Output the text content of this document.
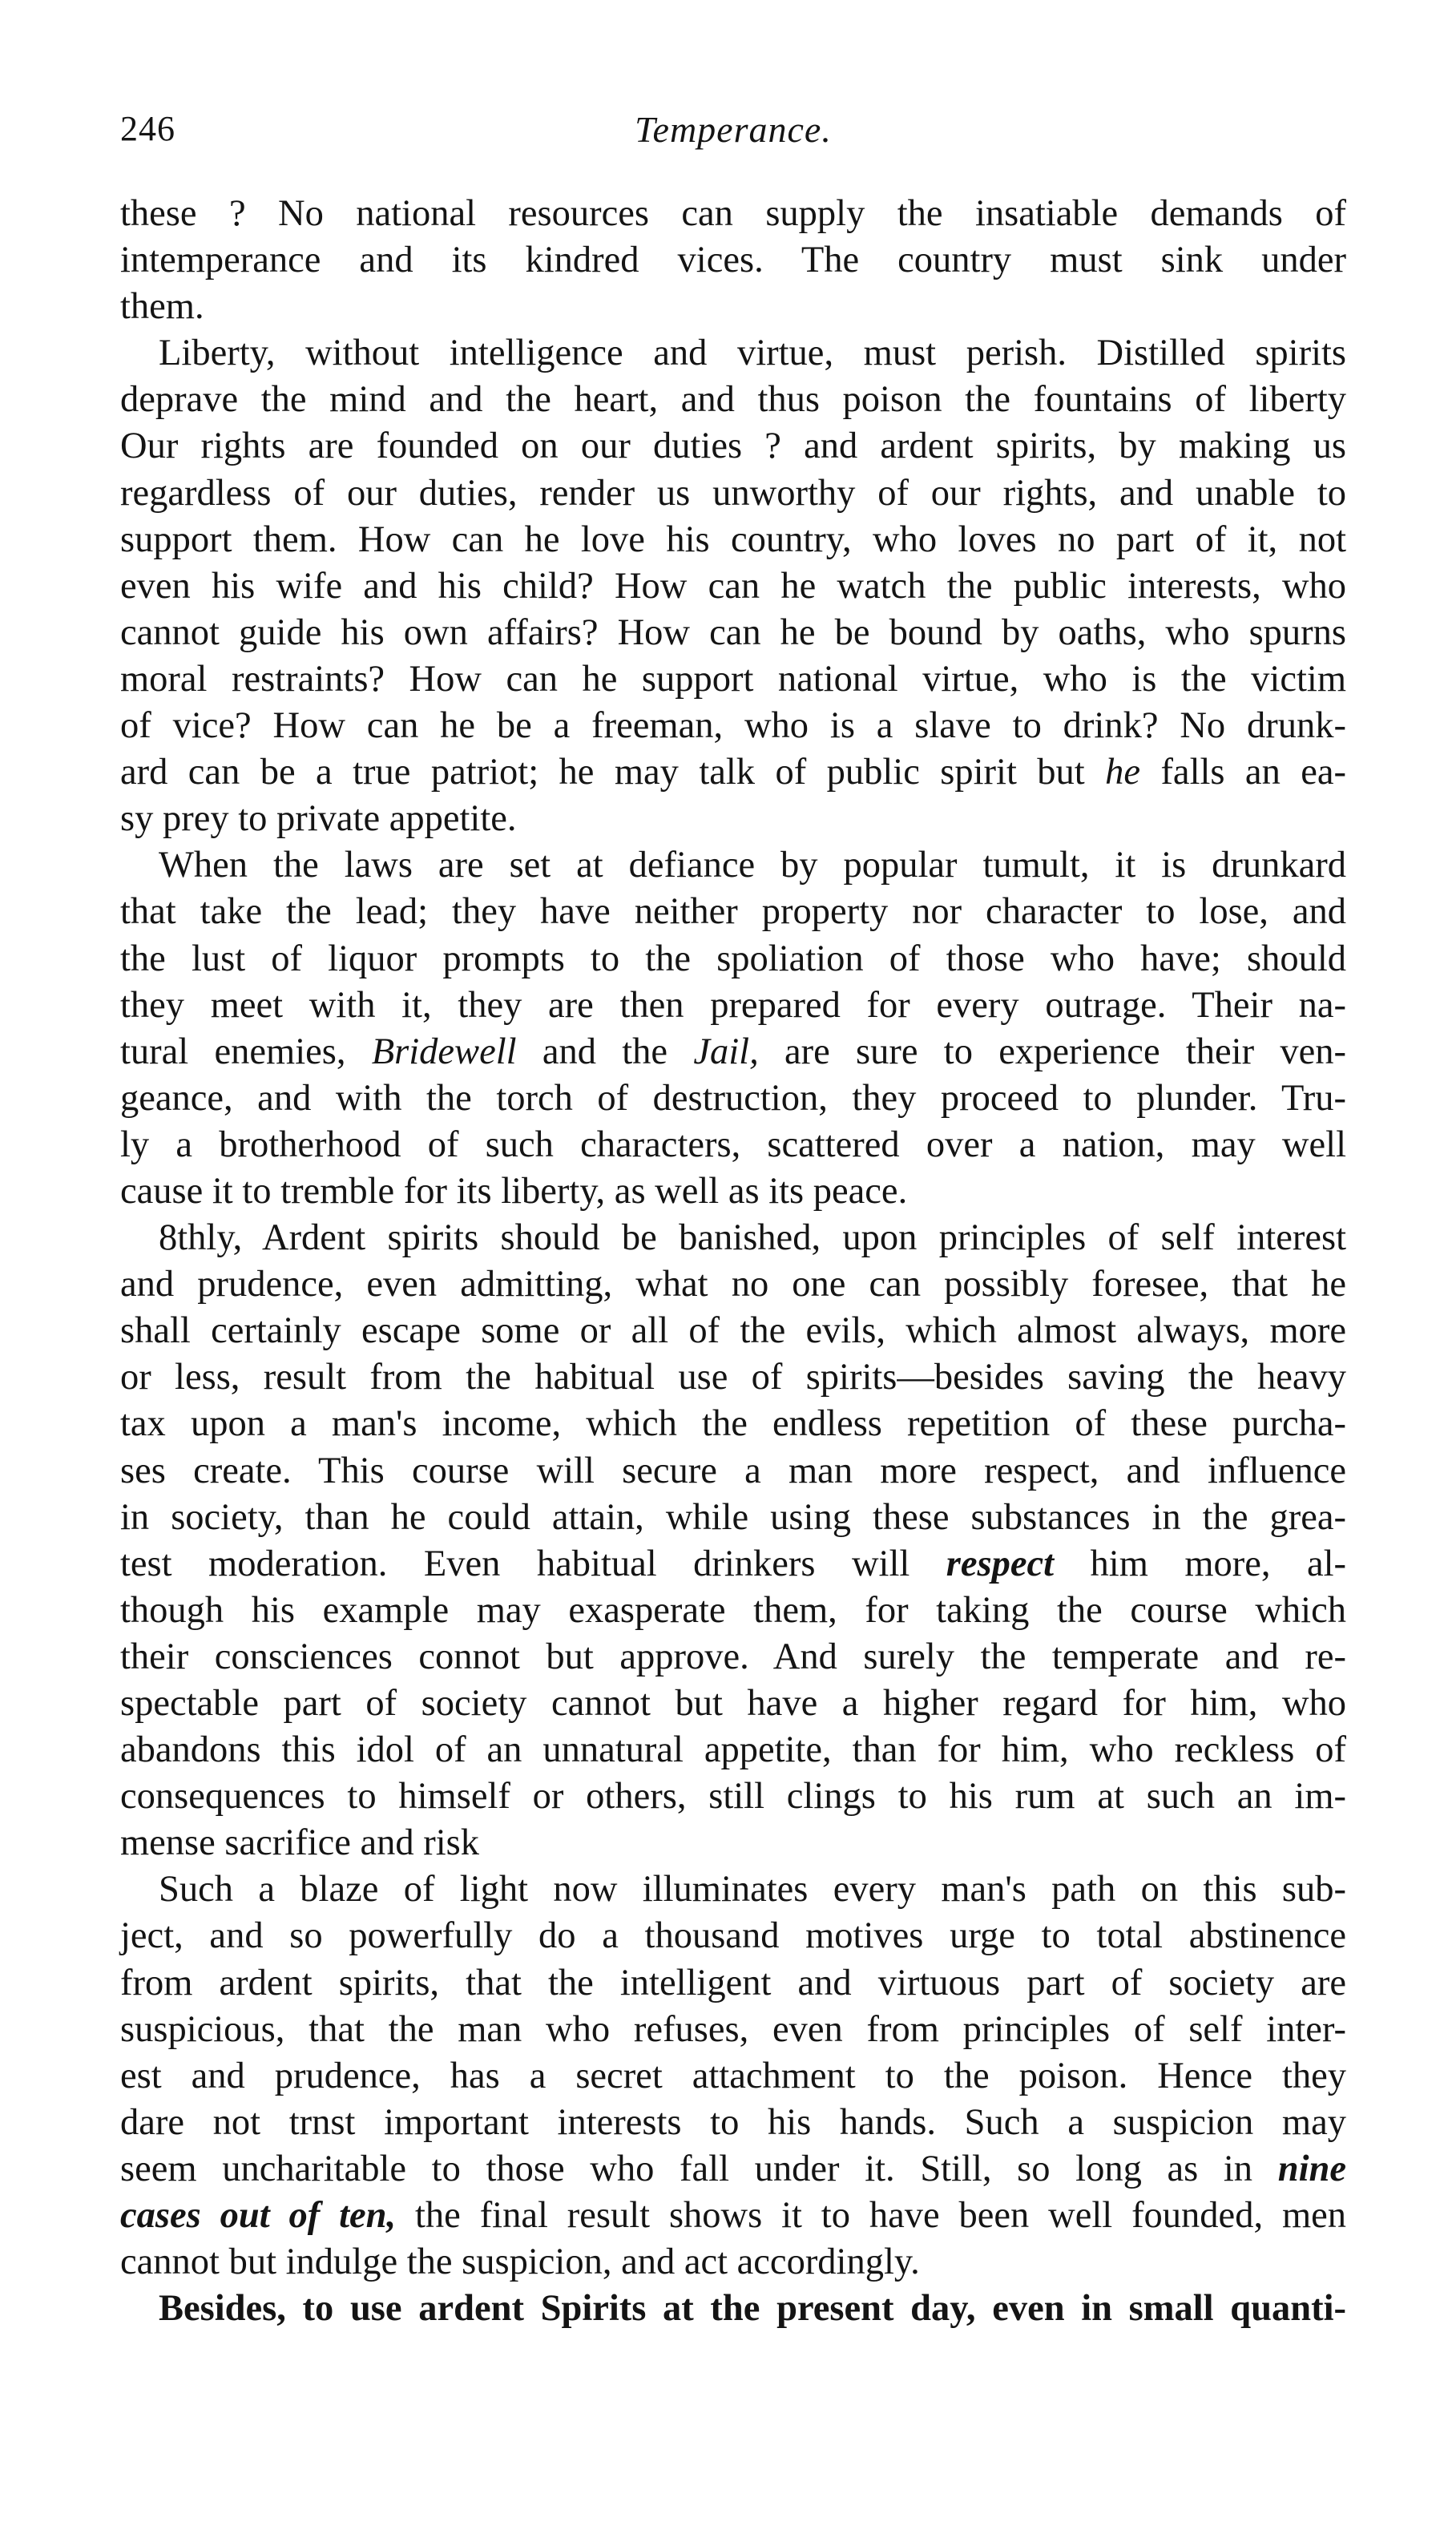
246	Temperance.
these ? No national resources can supply the insatiable demands of
intemperance and its kindred vices. The country must sink under
them.
Liberty, without intelligence and virtue, must perish. Distilled spirits
deprave the mind and the heart, and thus poison the fountains of liberty
Our rights are founded on our duties ? and ardent spirits, by making us
regardless of our duties, render us unworthy of our rights, and unable to
support them. How can he love his country, who loves no part of it, not
even his wife and his child? How can he watch the public interests, who
cannot guide his own affairs? How can he be bound by oaths, who spurns
moral restraints? How can he support national virtue, who is the victim
of vice? How can he be a freeman, who is a slave to drink? No drunk-
ard can be a true patriot; he may talk of public spirit but he falls an ea-
sy prey to private appetite.
When the laws are set at defiance by popular tumult, it is drunkard
that take the lead; they have neither property nor character to lose, and
the lust of liquor prompts to the spoliation of those who have; should
they meet with it, they are then prepared for every outrage. Their na-
tural enemies, Bridewell and the Jail, are sure to experience their ven-
geance, and with the torch of destruction, they proceed to plunder. Tru-
ly a brotherhood of such characters, scattered over a nation, may well
cause it to tremble for its liberty, as well as its peace.
8thly, Ardent spirits should be banished, upon principles of self interest
and prudence, even admitting, what no one can possibly foresee, that he
shall certainly escape some or all of the evils, which almost always, more
or less, result from the habitual use of spirits—besides saving the heavy
tax upon a man's income, which the endless repetition of these purcha-
ses create. This course will secure a man more respect, and influence
in society, than he could attain, while using these substances in the grea-
test moderation. Even habitual drinkers will respect him more, al-
though his example may exasperate them, for taking the course which
their consciences connot but approve. And surely the temperate and re-
spectable part of society cannot but have a higher regard for him, who
abandons this idol of an unnatural appetite, than for him, who reckless of
consequences to himself or others, still clings to his rum at such an im-
mense sacrifice and risk
Such a blaze of light now illuminates every man's path on this sub-
ject, and so powerfully do a thousand motives urge to total abstinence
from ardent spirits, that the intelligent and virtuous part of society are
suspicious, that the man who refuses, even from principles of self inter-
est and prudence, has a secret attachment to the poison. Hence they
dare not trnst important interests to his hands. Such a suspicion may
seem uncharitable to those who fall under it. Still, so long as in nine
cases out of ten, the final result shows it to have been well founded, men
cannot but indulge the suspicion, and act accordingly.
Besides, to use ardent Spirits at the present day, even in small quanti-
